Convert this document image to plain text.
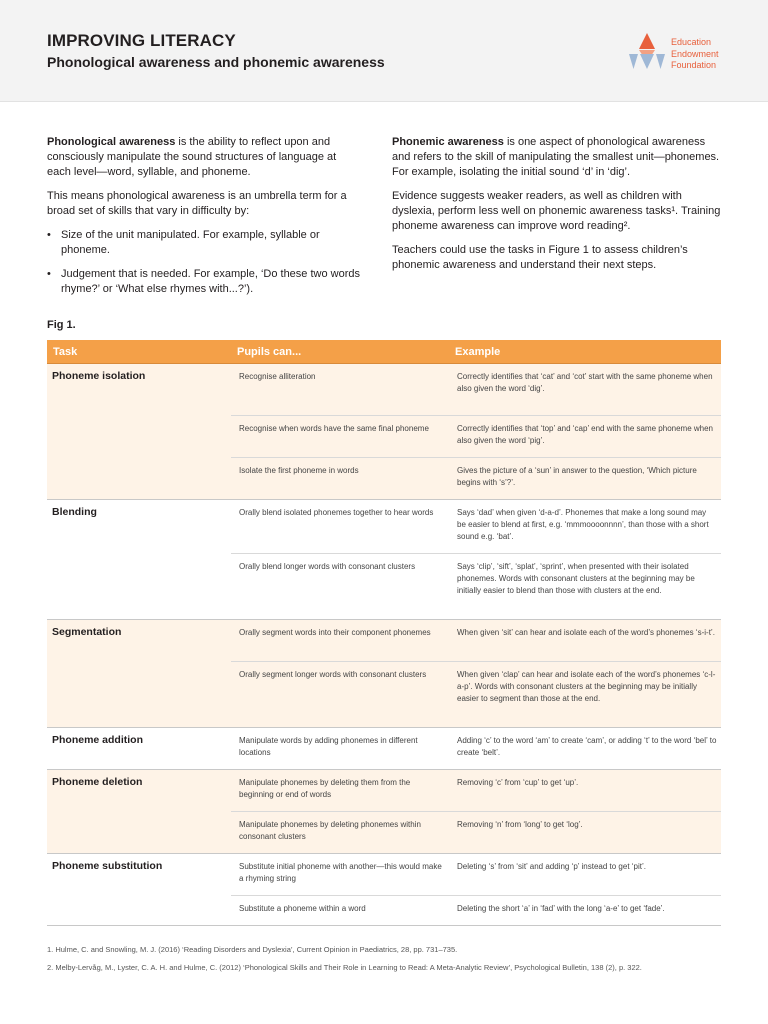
IMPROVING LITERACY
Phonological awareness and phonemic awareness
Education
Endowment
Foundation

Phonological awareness is the ability to reflect upon and consciously manipulate the sound structures of language at each level—word, syllable, and phoneme.

This means phonological awareness is an umbrella term for a broad set of skills that vary in difficulty by:

• Size of the unit manipulated. For example, syllable or phoneme.
• Judgement that is needed. For example, ‘Do these two words rhyme?’ or ‘What else rhymes with...?’).

Phonemic awareness is one aspect of phonological awareness and refers to the skill of manipulating the smallest unit—phonemes. For example, isolating the initial sound ‘d’ in ‘dig’.

Evidence suggests weaker readers, as well as children with dyslexia, perform less well on phonemic awareness tasks¹. Training phoneme awareness can improve word reading².

Teachers could use the tasks in Figure 1 to assess children’s phonemic awareness and understand their next steps.

Fig 1.
Task	Pupils can...	Example
Phoneme isolation	Recognise alliteration	Correctly identifies that ‘cat’ and ‘cot’ start with the same phoneme when also given the word ‘dig’.
	Recognise when words have the same final phoneme	Correctly identifies that ‘top’ and ‘cap’ end with the same phoneme when also given the word ‘pig’.
	Isolate the first phoneme in words	Gives the picture of a ‘sun’ in answer to the question, ‘Which picture begins with ‘s’?’.
Blending	Orally blend isolated phonemes together to hear words	Says ‘dad’ when given ‘d-a-d’. Phonemes that make a long sound may be easier to blend at first, e.g. ‘mmmoooonnnn’, than those with a short sound e.g. ‘bat’.
	Orally blend longer words with consonant clusters	Says ‘clip’, ‘sift’, ‘splat’, ‘sprint’, when presented with their isolated phonemes. Words with consonant clusters at the beginning may be initially easier to blend than those with clusters at the end.
Segmentation	Orally segment words into their component phonemes	When given ‘sit’ can hear and isolate each of the word’s phonemes ‘s-i-t’.
	Orally segment longer words with consonant clusters	When given ‘clap’ can hear and isolate each of the word’s phonemes ‘c-l-a-p’. Words with consonant clusters at the beginning may be initially easier to segment than those at the end.
Phoneme addition	Manipulate words by adding phonemes in different locations	Adding ‘c’ to the word ‘am’ to create ‘cam’, or adding ‘t’ to the word ‘bel’ to create ‘belt’.
Phoneme deletion	Manipulate phonemes by deleting them from the beginning or end of words	Removing ‘c’ from ‘cup’ to get ‘up’.
	Manipulate phonemes by deleting phonemes within consonant clusters	Removing ‘n’ from ‘long’ to get ‘log’.
Phoneme substitution	Substitute initial phoneme with another—this would make a rhyming string	Deleting ‘s’ from ‘sit’ and adding ‘p’ instead to get ‘pit’.
	Substitute a phoneme within a word	Deleting the short ‘a’ in ‘fad’ with the long ‘a-e’ to get ‘fade’.
1. Hulme, C. and Snowling, M. J. (2016) ‘Reading Disorders and Dyslexia’, Current Opinion in Paediatrics, 28, pp. 731–735.
2. Melby-Lervåg, M., Lyster, C. A. H. and Hulme, C. (2012) ‘Phonological Skills and Their Role in Learning to Read: A Meta-Analytic Review’, Psychological Bulletin, 138 (2), p. 322.
